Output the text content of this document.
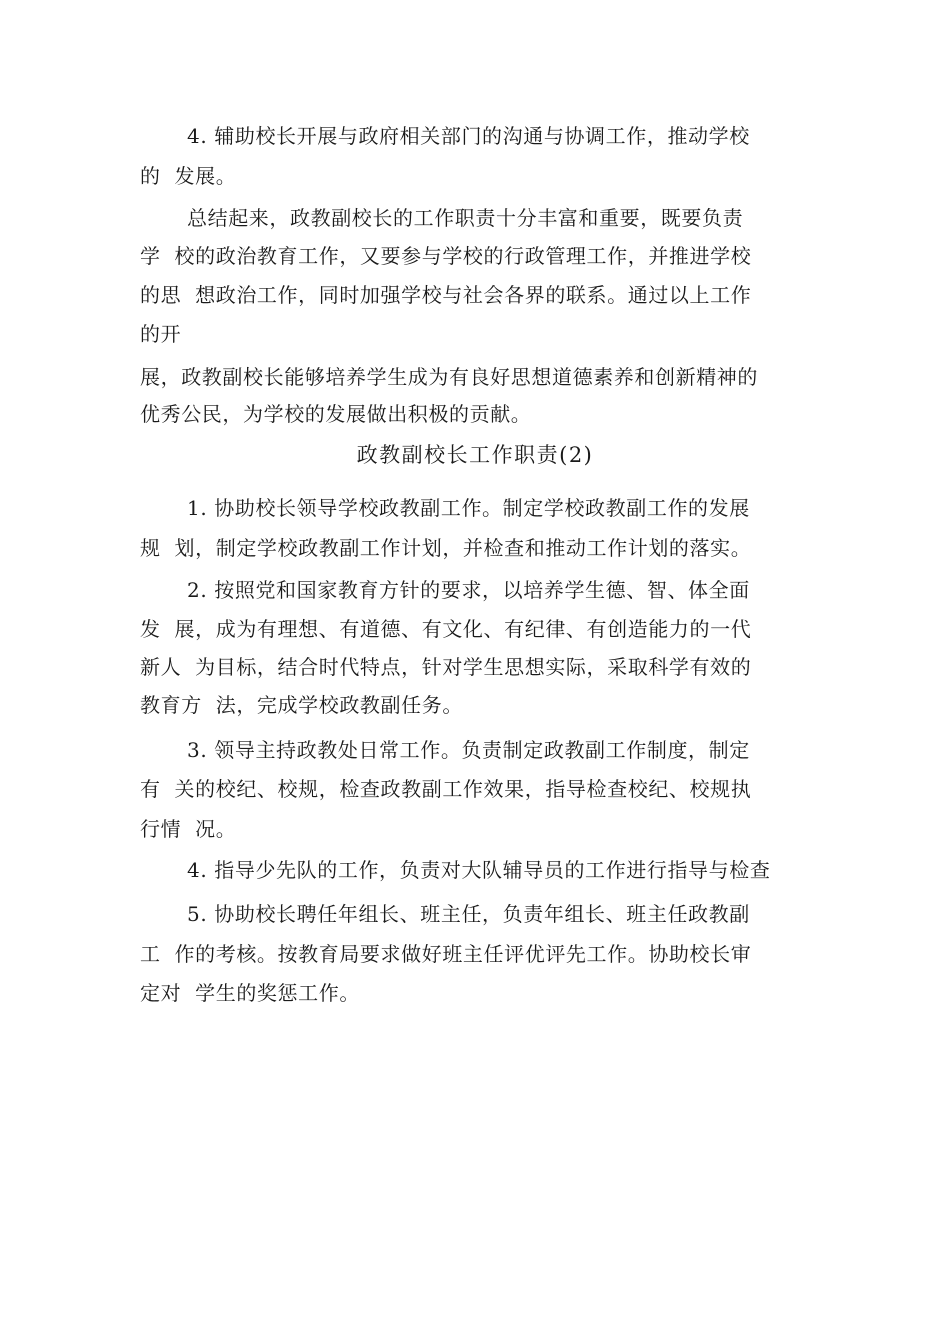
4. 辅助校长开展与政府相关部门的沟通与协调工作，推动学校
的  发展。
总结起来，政教副校长的工作职责十分丰富和重要，既要负责
学  校的政治教育工作，又要参与学校的行政管理工作，并推进学校
的思  想政治工作，同时加强学校与社会各界的联系。通过以上工作
的开
展，政教副校长能够培养学生成为有良好思想道德素养和创新精神的
优秀公民，为学校的发展做出积极的贡献。
政教副校长工作职责(2)
1. 协助校长领导学校政教副工作。制定学校政教副工作的发展
规  划，制定学校政教副工作计划，并检查和推动工作计划的落实。
2. 按照党和国家教育方针的要求，以培养学生德、智、体全面
发  展，成为有理想、有道德、有文化、有纪律、有创造能力的一代
新人  为目标，结合时代特点，针对学生思想实际，采取科学有效的
教育方  法，完成学校政教副任务。
3. 领导主持政教处日常工作。负责制定政教副工作制度，制定
有  关的校纪、校规，检查政教副工作效果，指导检查校纪、校规执
行情  况。
4. 指导少先队的工作，负责对大队辅导员的工作进行指导与检查
5. 协助校长聘任年组长、班主任，负责年组长、班主任政教副
工  作的考核。按教育局要求做好班主任评优评先工作。协助校长审
定对  学生的奖惩工作。
